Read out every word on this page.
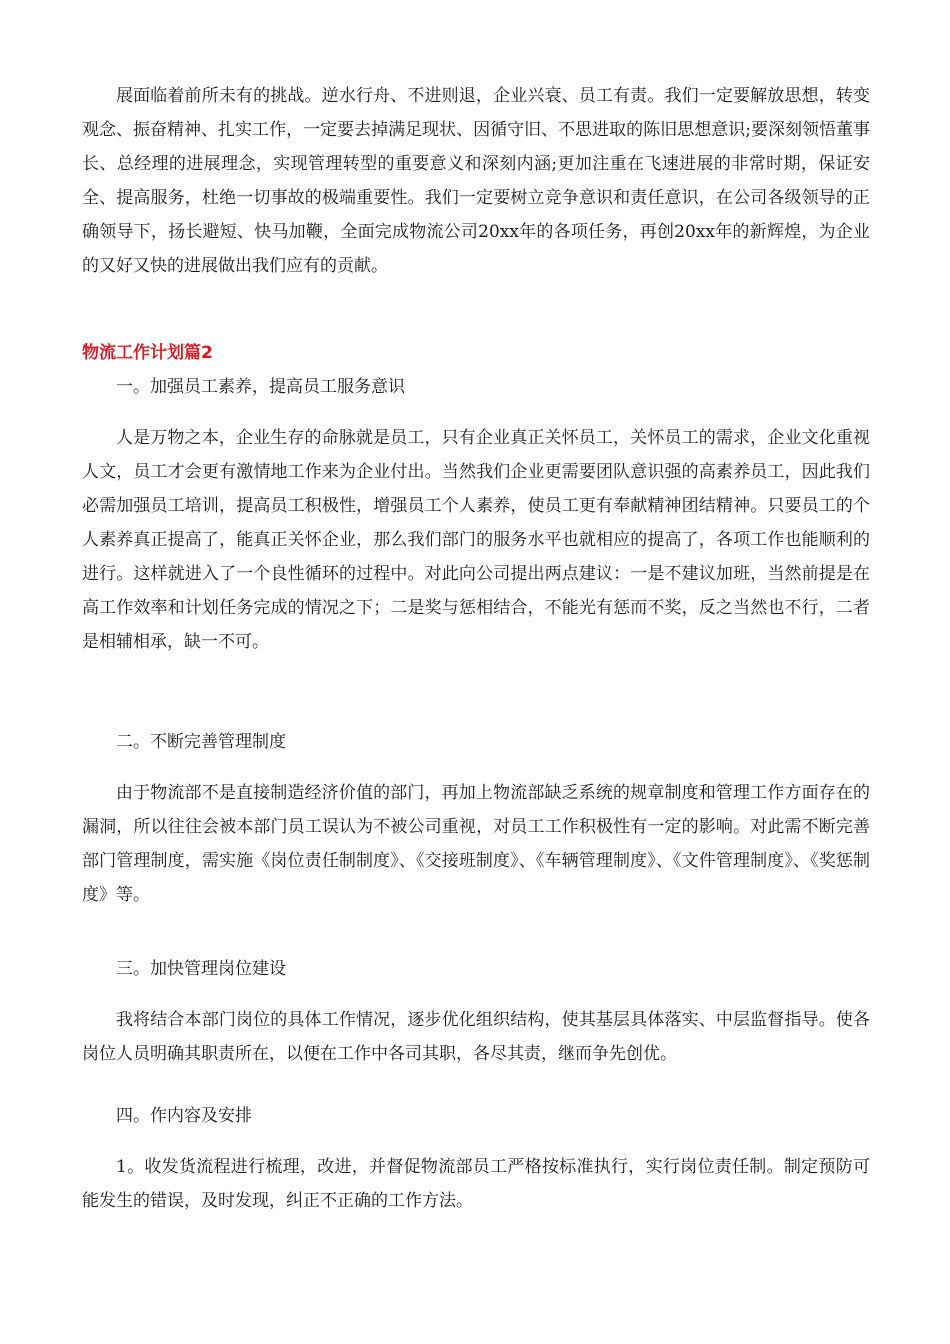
展面临着前所未有的挑战。逆水行舟、不进则退，企业兴衰、员工有责。我们一定要解放思想，转变观念、振奋精神、扎实工作，一定要去掉满足现状、因循守旧、不思进取的陈旧思想意识;要深刻领悟董事长、总经理的进展理念，实现管理转型的重要意义和深刻内涵;更加注重在飞速进展的非常时期，保证安全、提高服务，杜绝一切事故的极端重要性。我们一定要树立竞争意识和责任意识，在公司各级领导的正确领导下，扬长避短、快马加鞭，全面完成物流公司20xx年的各项任务，再创20xx年的新辉煌，为企业的又好又快的进展做出我们应有的贡献。

物流工作计划篇2

一。加强员工素养，提高员工服务意识

人是万物之本，企业生存的命脉就是员工，只有企业真正关怀员工，关怀员工的需求，企业文化重视人文，员工才会更有激情地工作来为企业付出。当然我们企业更需要团队意识强的高素养员工，因此我们必需加强员工培训，提高员工积极性，增强员工个人素养，使员工更有奉献精神团结精神。只要员工的个人素养真正提高了，能真正关怀企业，那么我们部门的服务水平也就相应的提高了，各项工作也能顺利的进行。这样就进入了一个良性循环的过程中。对此向公司提出两点建议：一是不建议加班，当然前提是在高工作效率和计划任务完成的情况之下；二是奖与惩相结合，不能光有惩而不奖，反之当然也不行，二者是相辅相承，缺一不可。

二。不断完善管理制度

由于物流部不是直接制造经济价值的部门，再加上物流部缺乏系统的规章制度和管理工作方面存在的漏洞，所以往往会被本部门员工误认为不被公司重视，对员工工作积极性有一定的影响。对此需不断完善部门管理制度，需实施《岗位责任制制度》、《交接班制度》、《车辆管理制度》、《文件管理制度》、《奖惩制度》等。

三。加快管理岗位建设

我将结合本部门岗位的具体工作情况，逐步优化组织结构，使其基层具体落实、中层监督指导。使各岗位人员明确其职责所在，以便在工作中各司其职，各尽其责，继而争先创优。

四。作内容及安排

1。收发货流程进行梳理，改进，并督促物流部员工严格按标准执行，实行岗位责任制。制定预防可能发生的错误，及时发现，纠正不正确的工作方法。
